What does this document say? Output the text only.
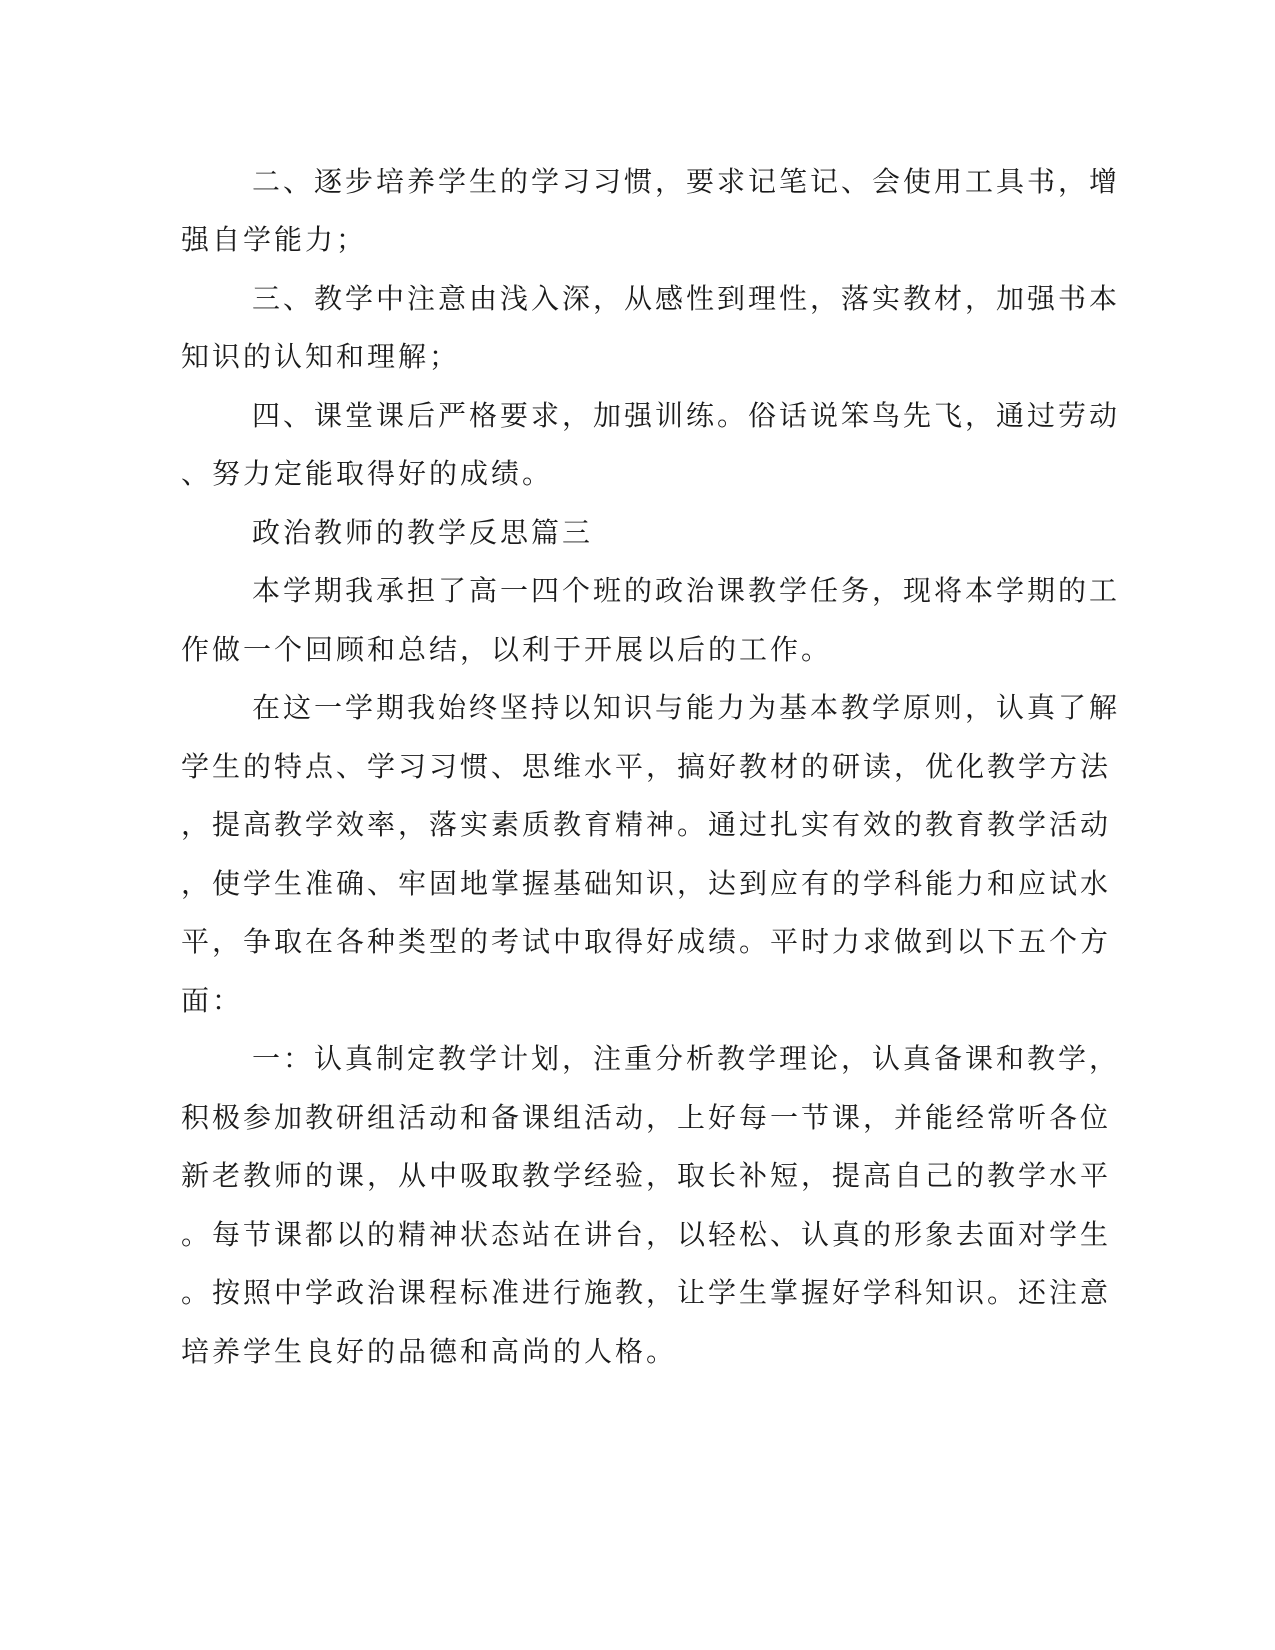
二、逐步培养学生的学习习惯，要求记笔记、会使用工具书，增
强自学能力；
三、教学中注意由浅入深，从感性到理性，落实教材，加强书本
知识的认知和理解；
四、课堂课后严格要求，加强训练。俗话说笨鸟先飞，通过劳动
、努力定能取得好的成绩。
政治教师的教学反思篇三
本学期我承担了高一四个班的政治课教学任务，现将本学期的工
作做一个回顾和总结，以利于开展以后的工作。
在这一学期我始终坚持以知识与能力为基本教学原则，认真了解
学生的特点、学习习惯、思维水平，搞好教材的研读，优化教学方法
，提高教学效率，落实素质教育精神。通过扎实有效的教育教学活动
，使学生准确、牢固地掌握基础知识，达到应有的学科能力和应试水
平，争取在各种类型的考试中取得好成绩。平时力求做到以下五个方
面：
一：认真制定教学计划，注重分析教学理论，认真备课和教学，
积极参加教研组活动和备课组活动，上好每一节课，并能经常听各位
新老教师的课，从中吸取教学经验，取长补短，提高自己的教学水平
。每节课都以的精神状态站在讲台，以轻松、认真的形象去面对学生
。按照中学政治课程标准进行施教，让学生掌握好学科知识。还注意
培养学生良好的品德和高尚的人格。
